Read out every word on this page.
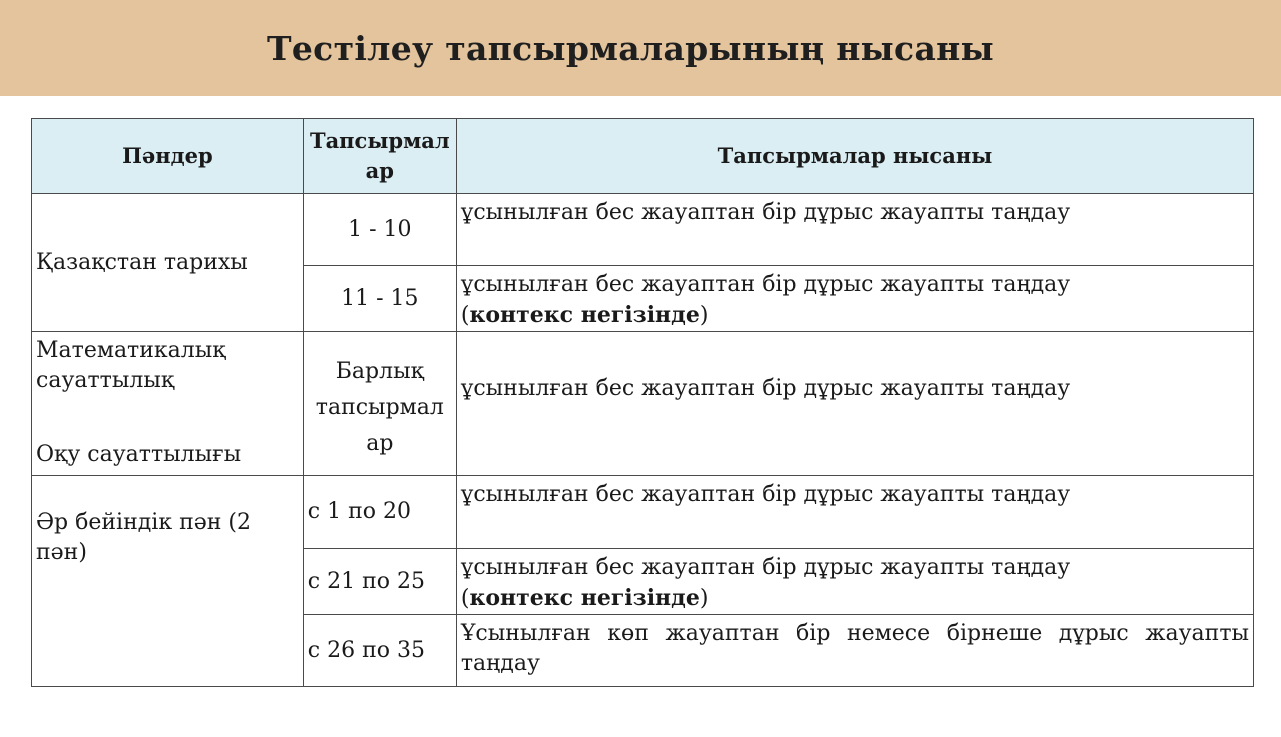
Тестілеу тапсырмаларының нысаны
Пәндер	Тапсырмал ар	Тапсырмалар нысаны
Қазақстан тарихы	1 - 10	ұсынылған бес жауаптан бір дұрыс жауапты таңдау
	11 - 15	ұсынылған бес жауаптан бір дұрыс жауапты таңдау
(контекс негізінде)

Математикалық сауаттылық
Оқу сауаттылығы	Барлық тапсырмал ар	ұсынылған бес жауаптан бір дұрыс жауапты таңдау
Әр бейіндік пән (2 пән)	с 1 по 20	ұсынылған бес жауаптан бір дұрыс жауапты таңдау
	с 21 по 25	ұсынылған бес жауаптан бір дұрыс жауапты таңдау
(контекс негізінде)
	с 26 по 35	Ұсынылған көп жауаптан бір немесе бірнеше дұрыс жауапты таңдау
